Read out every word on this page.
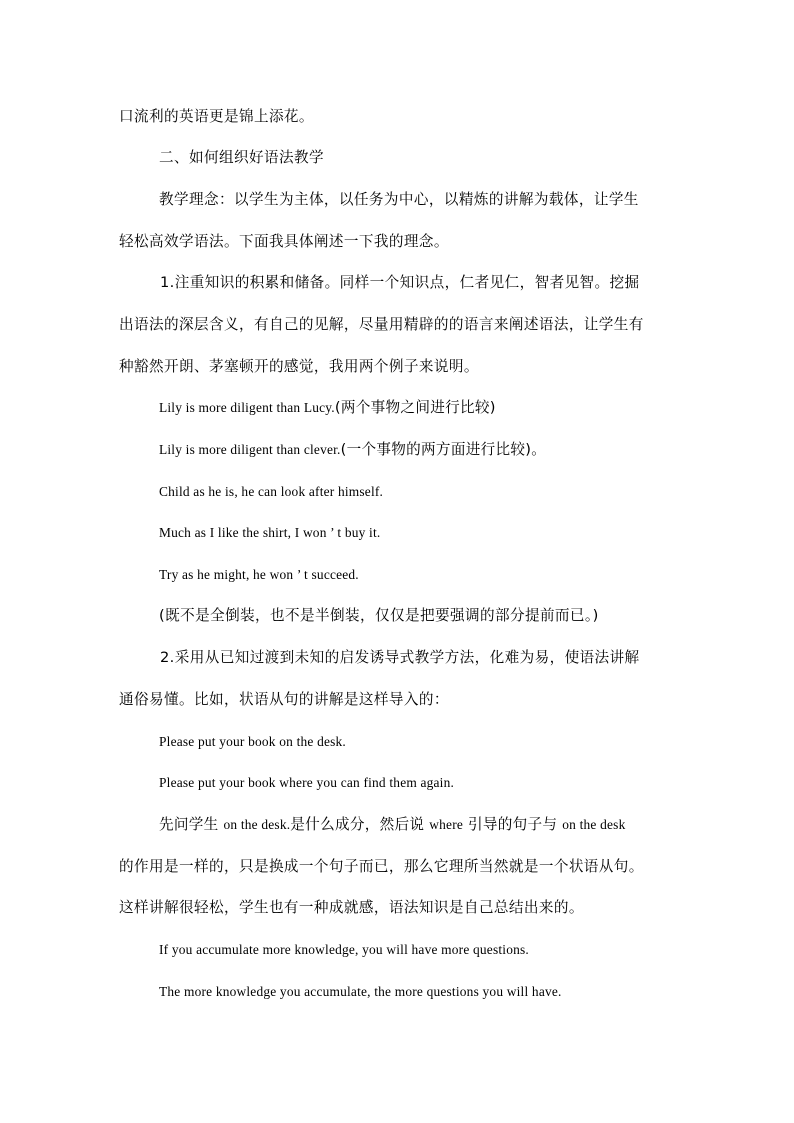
口流利的英语更是锦上添花。
二、如何组织好语法教学
教学理念：以学生为主体，以任务为中心，以精炼的讲解为载体，让学生
轻松高效学语法。下面我具体阐述一下我的理念。
1.注重知识的积累和储备。同样一个知识点，仁者见仁，智者见智。挖掘
出语法的深层含义，有自己的见解，尽量用精辟的的语言来阐述语法，让学生有
种豁然开朗、茅塞顿开的感觉，我用两个例子来说明。
Lily is more diligent than Lucy.(两个事物之间进行比较)
Lily is more diligent than clever.(一个事物的两方面进行比较)。
Child as he is, he can look after himself.
Much as I like the shirt, I won ’ t buy it.
Try as he might, he won ’ t succeed.
(既不是全倒装，也不是半倒装，仅仅是把要强调的部分提前而已。)
2.采用从已知过渡到未知的启发诱导式教学方法，化难为易，使语法讲解
通俗易懂。比如，状语从句的讲解是这样导入的：
Please put your book on the desk.
Please put your book where you can find them again.
先问学生 on the desk.是什么成分，然后说 where 引导的句子与 on the desk
的作用是一样的，只是换成一个句子而已，那么它理所当然就是一个状语从句。
这样讲解很轻松，学生也有一种成就感，语法知识是自己总结出来的。
If you accumulate more knowledge, you will have more questions.
The more knowledge you accumulate, the more questions you will have.
